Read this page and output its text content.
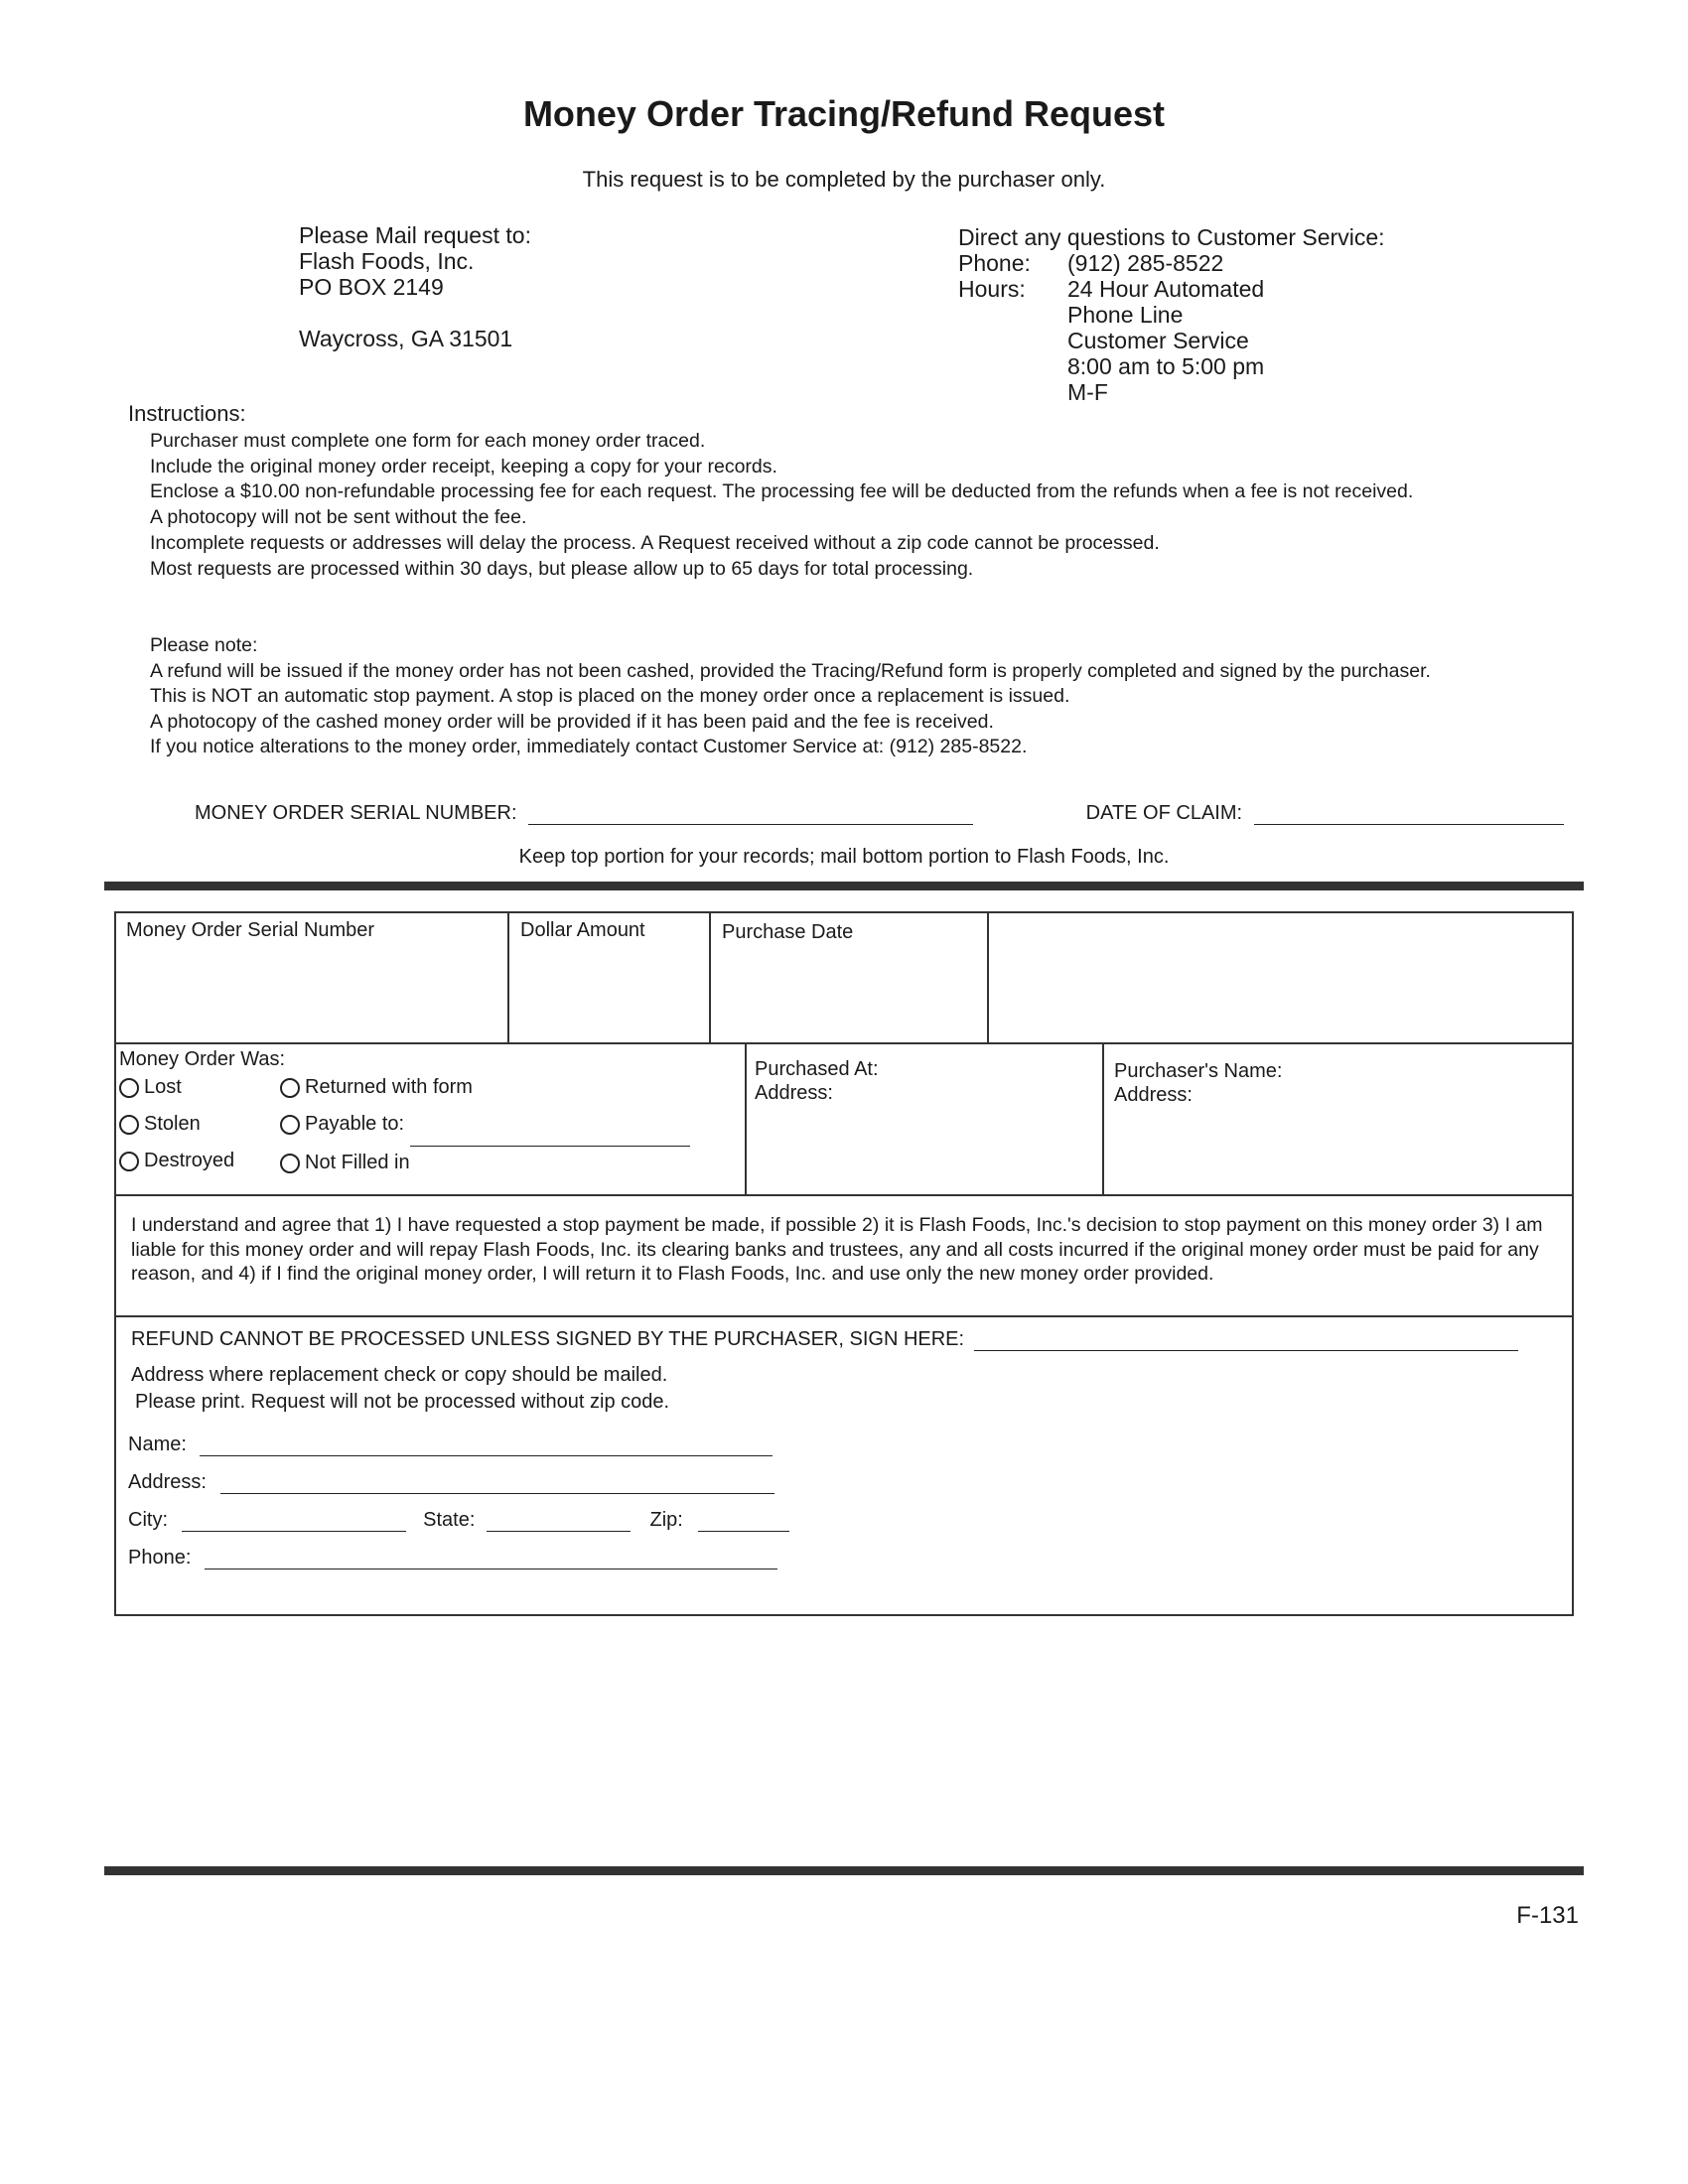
Money Order Tracing/Refund Request
This request is to be completed by the purchaser only.
Please Mail request to:
Flash Foods, Inc.
PO BOX 2149
Waycross, GA 31501
Direct any questions to Customer Service:
Phone:	(912) 285-8522
Hours:	24 Hour Automated
Phone Line
Customer Service
8:00 am to 5:00 pm
M-F
Instructions:
Purchaser must complete one form for each money order traced.
Include the original money order receipt, keeping a copy for your records.
Enclose a $10.00 non-refundable processing fee for each request. The processing fee will be deducted from the refunds when a fee is not received.
A photocopy will not be sent without the fee.
Incomplete requests or addresses will delay the process. A Request received without a zip code cannot be processed.
Most requests are processed within 30 days, but please allow up to 65 days for total processing.
Please note:
A refund will be issued if the money order has not been cashed, provided the Tracing/Refund form is properly completed and signed by the purchaser.
This is NOT an automatic stop payment. A stop is placed on the money order once a replacement is issued.
A photocopy of the cashed money order will be provided if it has been paid and the fee is received.
If you notice alterations to the money order, immediately contact Customer Service at: (912) 285-8522.
MONEY ORDER SERIAL NUMBER:	DATE OF CLAIM:
Keep top portion for your records; mail bottom portion to Flash Foods, Inc.
Money Order Serial Number	Dollar Amount	Purchase Date
Money Order Was:
Lost
Stolen
Destroyed
Returned with form
Payable to:
Not Filled in
Purchased At:
Address:
Purchaser's Name:
Address:
I understand and agree that 1) I have requested a stop payment be made, if possible 2) it is Flash Foods, Inc.'s decision to stop payment on this money order 3) I am liable for this money order and will repay Flash Foods, Inc. its clearing banks and trustees, any and all costs incurred if the original money order must be paid for any reason, and 4) if I find the original money order, I will return it to Flash Foods, Inc. and use only the new money order provided.
REFUND CANNOT BE PROCESSED UNLESS SIGNED BY THE PURCHASER, SIGN HERE:
Address where replacement check or copy should be mailed.
Please print. Request will not be processed without zip code.
Name:
Address:
City:	State:	Zip:
Phone:
F-131
